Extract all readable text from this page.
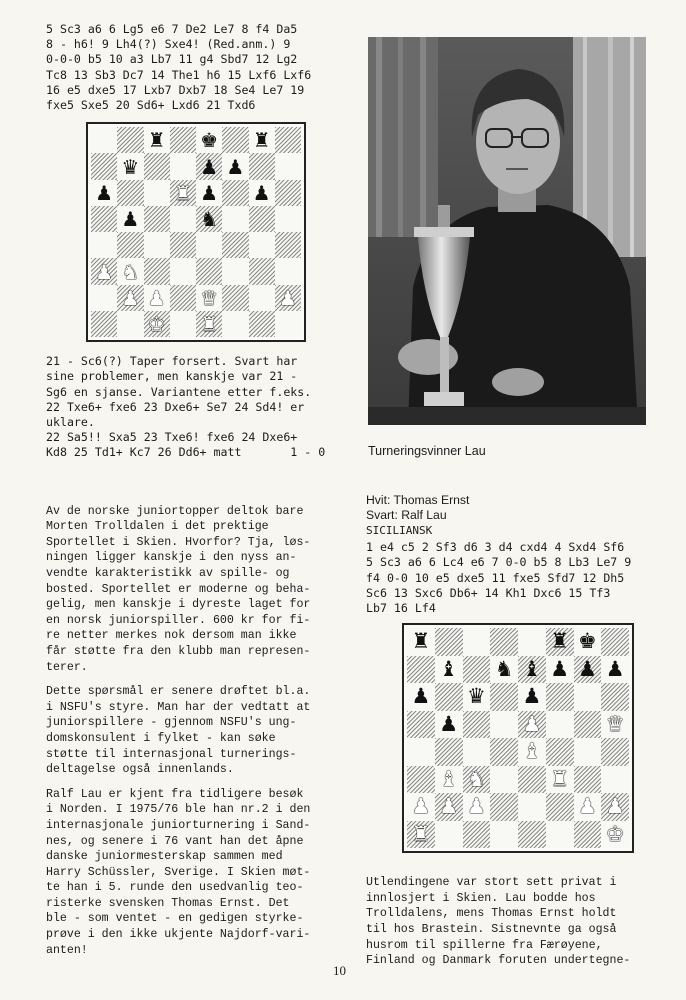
5 Sc3 a6 6 Lg5 e6 7 De2 Le7 8 f4 Da5
8 - h6! 9 Lh4(?) Sxe4! (Red.anm.) 9
0-0-0 b5 10 a3 Lb7 11 g4 Sbd7 12 Lg2
Tc8 13 Sb3 Dc7 14 The1 h6 15 Lxf6 Lxf6
16 e5 dxe5 17 Lxb7 Dxb7 18 Se4 Le7 19
fxe5 Sxe5 20 Sd6+ Lxd6 21 Txd6
♜ ♚ ♜
♛	♟ ♟
♟	♜ ♟ ♟
♟	♞
♟ ♞
♟ ♟ ♛	♟
♚ ♜
21 - Sc6(?) Taper forsert. Svart har
sine problemer, men kanskje var 21 -
Sg6 en sjanse. Variantene etter f.eks.
22 Txe6+ fxe6 23 Dxe6+ Se7 24 Sd4! er
uklare.
22 Sa5!! Sxa5 23 Txe6! fxe6 24 Dxe6+
Kd8 25 Td1+ Kc7 26 Dd6+ matt       1 - 0
Av de norske juniortopper deltok bare
Morten Trolldalen i det prektige
Sportellet i Skien. Hvorfor? Tja, løs-
ningen ligger kanskje i den nyss an-
vendte karakteristikk av spille- og
bosted. Sportellet er moderne og beha-
gelig, men kanskje i dyreste laget for
en norsk juniorspiller. 600 kr for fi-
re netter merkes nok dersom man ikke
får støtte fra den klubb man represen-
terer.
Dette spørsmål er senere drøftet bl.a.
i NSFU's styre. Man har der vedtatt at
juniorspillere - gjennom NSFU's ung-
domskonsulent i fylket - kan søke
støtte til internasjonal turnerings-
deltagelse også innenlands.
Ralf Lau er kjent fra tidligere besøk
i Norden. I 1975/76 ble han nr.2 i den
internasjonale juniorturnering i Sand-
nes, og senere i 76 vant han det åpne
danske juniormesterskap sammen med
Harry Schüssler, Sverige. I Skien møt-
te han i 5. runde den usedvanlig teo-
risterke svensken Thomas Ernst. Det
ble - som ventet - en gedigen styrke-
prøve i den ikke ukjente Najdorf-vari-
anten!
Turneringsvinner Lau
Hvit: Thomas Ernst
Svart: Ralf Lau
SICILIANSK
1 e4 c5 2 Sf3 d6 3 d4 cxd4 4 Sxd4 Sf6
5 Sc3 a6 6 Lc4 e6 7 0-0 b5 8 Lb3 Le7 9
f4 0-0 10 e5 dxe5 11 fxe5 Sfd7 12 Dh5
Sc6 13 Sxc6 Db6+ 14 Kh1 Dxc6 15 Tf3
Lb7 16 Lf4
♜	♜ ♚
♝ ♞ ♝ ♟ ♟ ♟
♟ ♛ ♟
♟	♟	♛
♝
♝ ♞	♜
♟ ♟ ♟	♟ ♟
♜	♚
Utlendingene var stort sett privat i
innlosjert i Skien. Lau bodde hos
Trolldalens, mens Thomas Ernst holdt
til hos Brastein. Sistnevnte ga også
husrom til spillerne fra Færøyene,
Finland og Danmark foruten undertegne-
10
